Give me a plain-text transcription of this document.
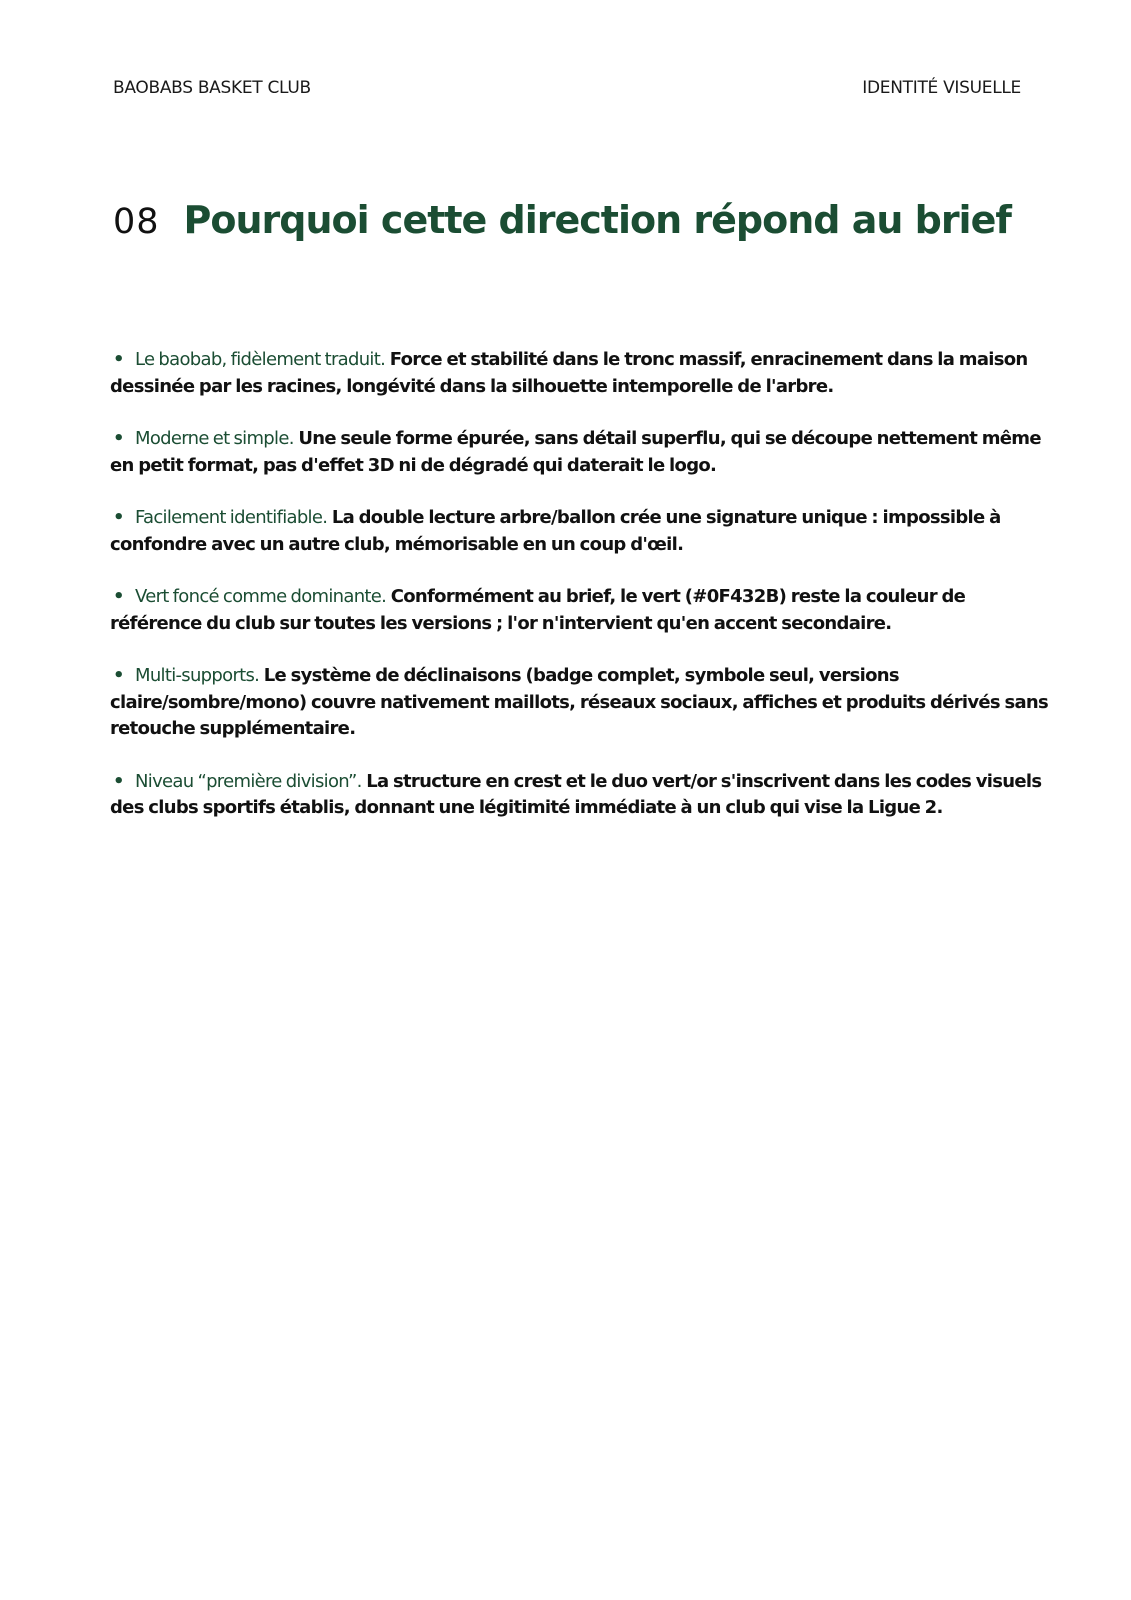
BAOBABS BASKET CLUB	IDENTITÉ VISUELLE
08 Pourquoi cette direction répond au brief
• Le baobab, fidèlement traduit. Force et stabilité dans le tronc massif, enracinement dans la maison dessinée par les racines, longévité dans la silhouette intemporelle de l'arbre.
• Moderne et simple. Une seule forme épurée, sans détail superflu, qui se découpe nettement même en petit format, pas d'effet 3D ni de dégradé qui daterait le logo.
• Facilement identifiable. La double lecture arbre/ballon crée une signature unique : impossible à confondre avec un autre club, mémorisable en un coup d'œil.
• Vert foncé comme dominante. Conformément au brief, le vert (#0F432B) reste la couleur de référence du club sur toutes les versions ; l'or n'intervient qu'en accent secondaire.
• Multi-supports. Le système de déclinaisons (badge complet, symbole seul, versions claire/sombre/mono) couvre nativement maillots, réseaux sociaux, affiches et produits dérivés sans retouche supplémentaire.
• Niveau “première division”. La structure en crest et le duo vert/or s'inscrivent dans les codes visuels des clubs sportifs établis, donnant une légitimité immédiate à un club qui vise la Ligue 2.
